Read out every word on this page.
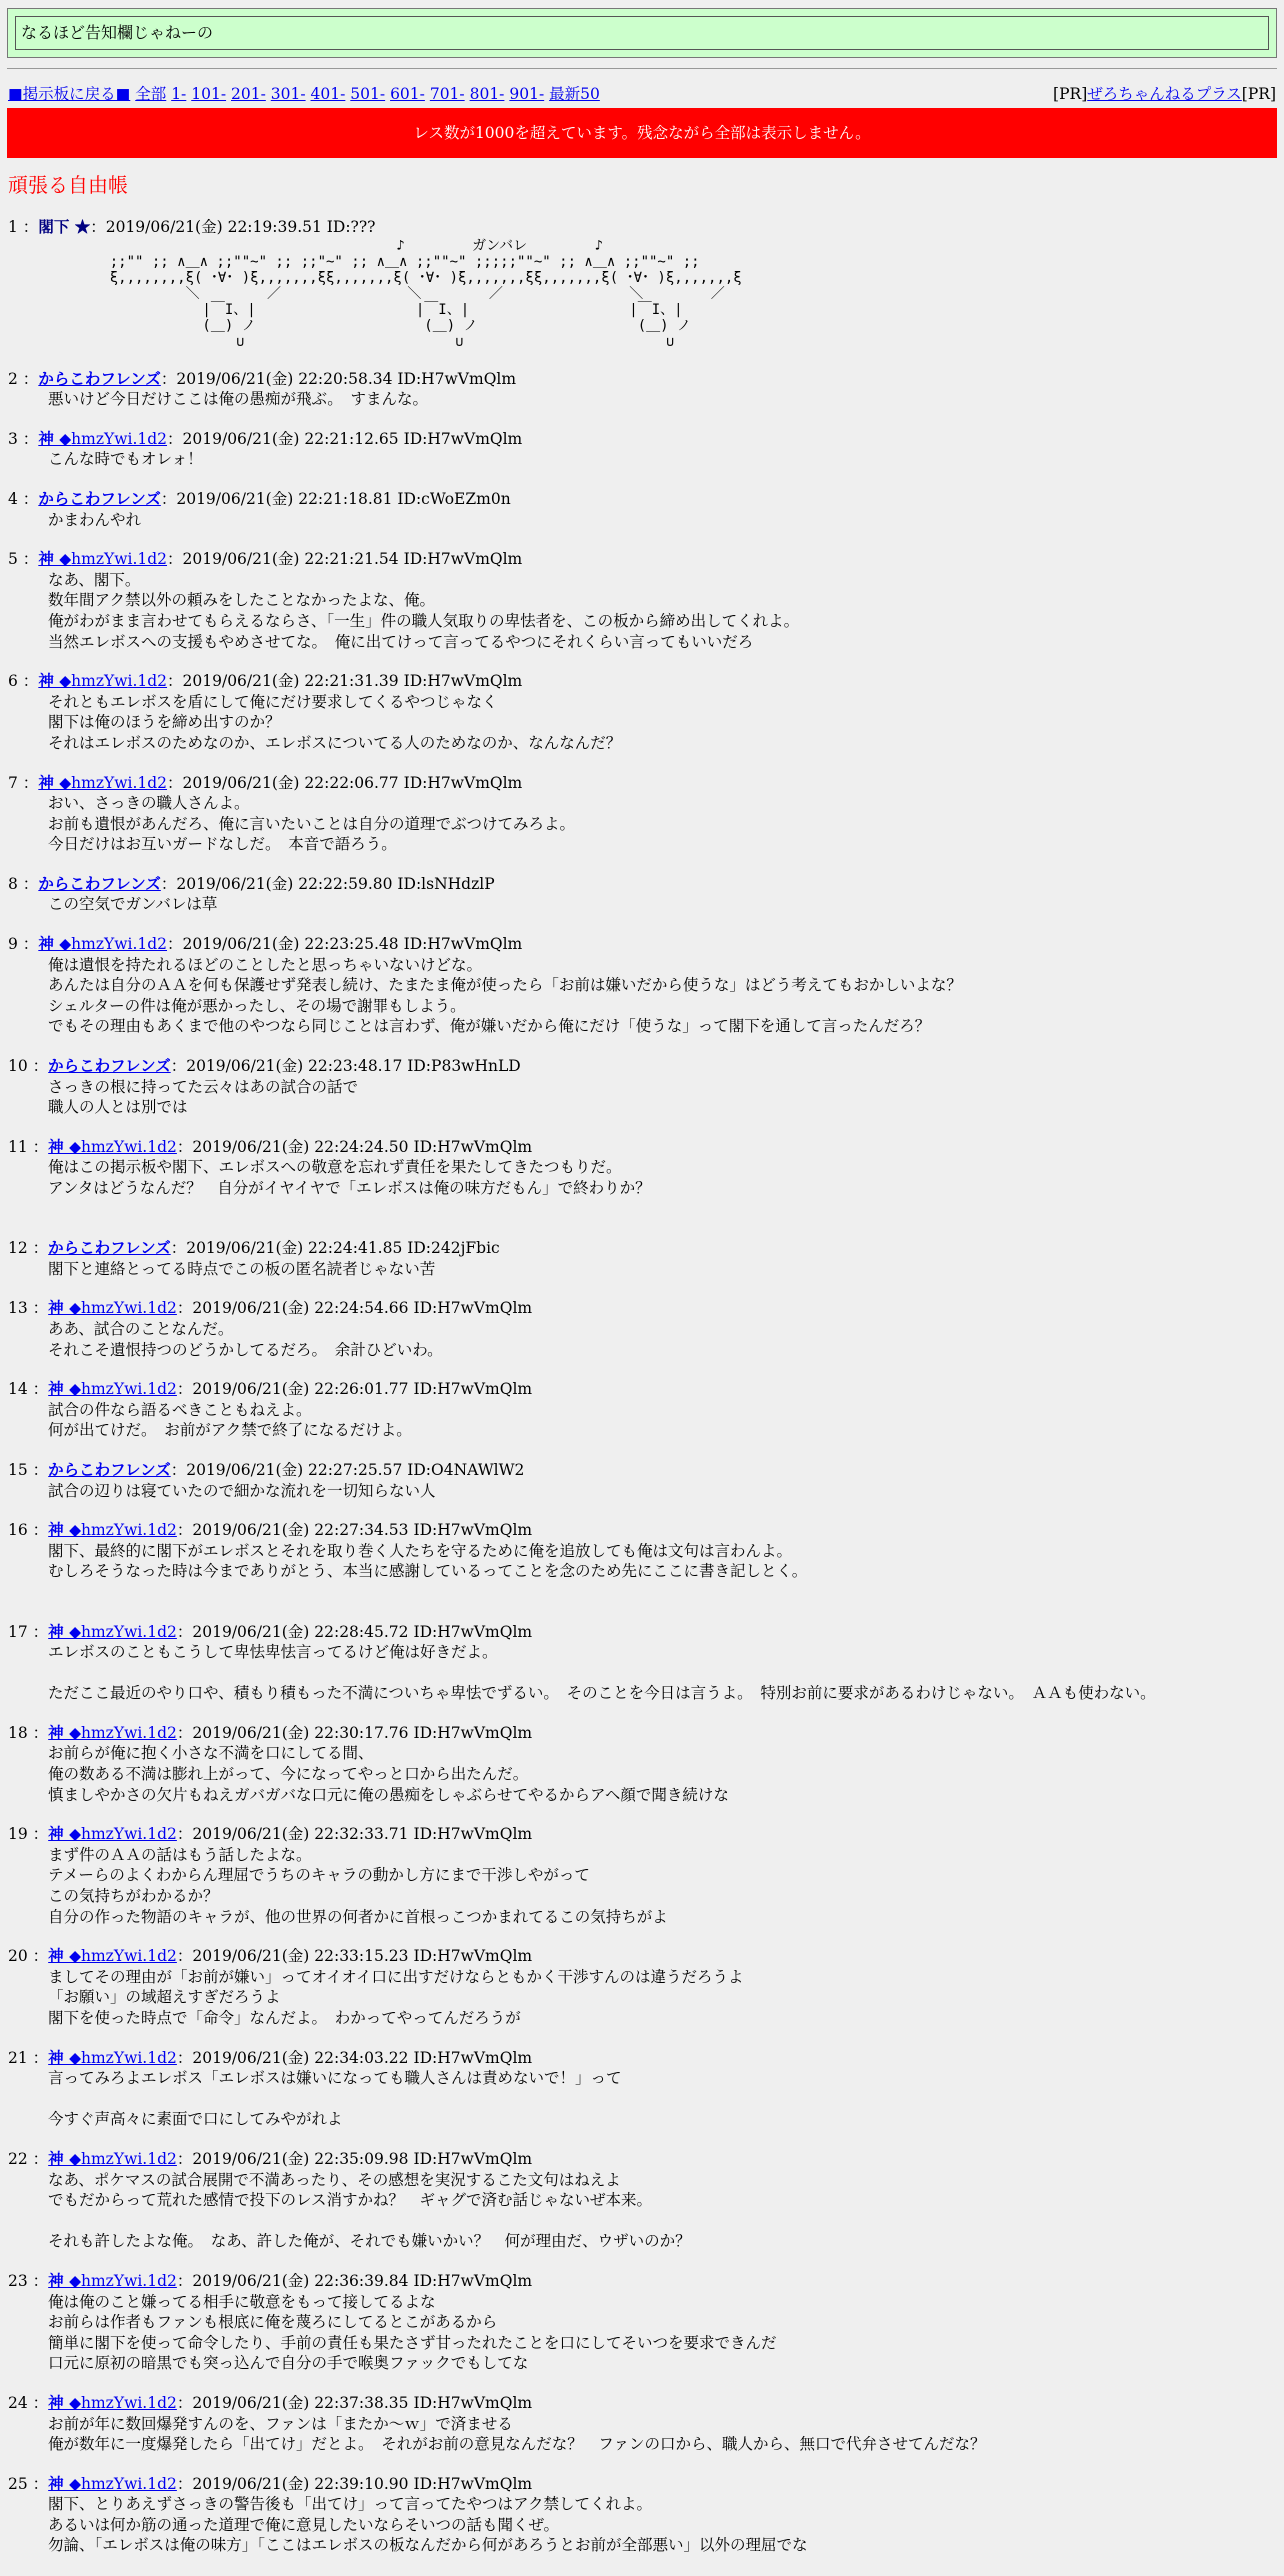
なるほど告知欄じゃねーの
■掲示板に戻る■ 全部 1- 101- 201- 301- 401- 501- 601- 701- 801- 901- 最新50	[PR]ぜろちゃんねるプラス[PR]
レス数が1000を超えています。残念ながら全部は表示しません。
頑張る自由帳
1 ：閣下 ★：2019/06/21(金) 22:19:39.51 ID:???
♪        ガンバレ        ♪
;;"" ;; ∧＿∧ ;;""~" ;; ;;"~" ;; ∧＿∧ ;;""~" ;;;;;""~" ;; ∧＿∧ ;;""~" ;;
ξ,,,,,,,,ξ( ･∀･ )ξ,,,,,,,ξξ,,,,,,,ξ( ･∀･ )ξ,,,,,,,ξξ,,,,,,,ξ( ･∀･ )ξ,,,,,,,ξ
＼        ／               ＼        ／               ＼        ／
|￣I、|                   |￣I、|                   |￣I、|
(＿) ノ                    (＿) ノ                   (＿) ノ
∪                         ∪                        ∪
2 ：からこわフレンズ：2019/06/21(金) 22:20:58.34 ID:H7wVmQlm
悪いけど今日だけここは俺の愚痴が飛ぶ。　すまんな。
3 ：神 ◆hmzYwi.1d2：2019/06/21(金) 22:21:12.65 ID:H7wVmQlm
こんな時でもオレォ！
4 ：からこわフレンズ：2019/06/21(金) 22:21:18.81 ID:cWoEZm0n
かまわんやれ
5 ：神 ◆hmzYwi.1d2：2019/06/21(金) 22:21:21.54 ID:H7wVmQlm
なあ、閣下。
数年間アク禁以外の頼みをしたことなかったよな、俺。
俺がわがまま言わせてもらえるならさ、「一生」件の職人気取りの卑怯者を、この板から締め出してくれよ。
当然エレボスへの支援もやめさせてな。　俺に出てけって言ってるやつにそれくらい言ってもいいだろ
6 ：神 ◆hmzYwi.1d2：2019/06/21(金) 22:21:31.39 ID:H7wVmQlm
それともエレボスを盾にして俺にだけ要求してくるやつじゃなく
閣下は俺のほうを締め出すのか？
それはエレボスのためなのか、エレボスについてる人のためなのか、なんなんだ？
7 ：神 ◆hmzYwi.1d2：2019/06/21(金) 22:22:06.77 ID:H7wVmQlm
おい、さっきの職人さんよ。
お前も遺恨があんだろ、俺に言いたいことは自分の道理でぶつけてみろよ。
今日だけはお互いガードなしだ。　本音で語ろう。
8 ：からこわフレンズ：2019/06/21(金) 22:22:59.80 ID:lsNHdzlP
この空気でガンバレは草
9 ：神 ◆hmzYwi.1d2：2019/06/21(金) 22:23:25.48 ID:H7wVmQlm
俺は遺恨を持たれるほどのことしたと思っちゃいないけどな。
あんたは自分のＡＡを何も保護せず発表し続け、たまたま俺が使ったら「お前は嫌いだから使うな」はどう考えてもおかしいよな？
シェルターの件は俺が悪かったし、その場で謝罪もしよう。
でもその理由もあくまで他のやつなら同じことは言わず、俺が嫌いだから俺にだけ「使うな」って閣下を通して言ったんだろ？
10 ：からこわフレンズ：2019/06/21(金) 22:23:48.17 ID:P83wHnLD
さっきの根に持ってた云々はあの試合の話で
職人の人とは別では
11 ：神 ◆hmzYwi.1d2：2019/06/21(金) 22:24:24.50 ID:H7wVmQlm
俺はこの掲示板や閣下、エレボスへの敬意を忘れず責任を果たしてきたつもりだ。
アンタはどうなんだ？　自分がイヤイヤで「エレボスは俺の味方だもん」で終わりか？

12 ：からこわフレンズ：2019/06/21(金) 22:24:41.85 ID:242jFbic
閣下と連絡とってる時点でこの板の匿名読者じゃない苦
13 ：神 ◆hmzYwi.1d2：2019/06/21(金) 22:24:54.66 ID:H7wVmQlm
ああ、試合のことなんだ。
それこそ遺恨持つのどうかしてるだろ。　余計ひどいわ。
14 ：神 ◆hmzYwi.1d2：2019/06/21(金) 22:26:01.77 ID:H7wVmQlm
試合の件なら語るべきこともねえよ。
何が出てけだ。　お前がアク禁で終了になるだけよ。
15 ：からこわフレンズ：2019/06/21(金) 22:27:25.57 ID:O4NAWlW2
試合の辺りは寝ていたので細かな流れを一切知らない人
16 ：神 ◆hmzYwi.1d2：2019/06/21(金) 22:27:34.53 ID:H7wVmQlm
閣下、最終的に閣下がエレボスとそれを取り巻く人たちを守るために俺を追放しても俺は文句は言わんよ。
むしろそうなった時は今までありがとう、本当に感謝しているってことを念のため先にここに書き記しとく。

17 ：神 ◆hmzYwi.1d2：2019/06/21(金) 22:28:45.72 ID:H7wVmQlm
エレボスのこともこうして卑怯卑怯言ってるけど俺は好きだよ。

ただここ最近のやり口や、積もり積もった不満についちゃ卑怯でずるい。　そのことを今日は言うよ。　特別お前に要求があるわけじゃない。　ＡＡも使わない。
18 ：神 ◆hmzYwi.1d2：2019/06/21(金) 22:30:17.76 ID:H7wVmQlm
お前らが俺に抱く小さな不満を口にしてる間、
俺の数ある不満は膨れ上がって、今になってやっと口から出たんだ。
慎ましやかさの欠片もねえガバガバな口元に俺の愚痴をしゃぶらせてやるからアヘ顔で聞き続けな
19 ：神 ◆hmzYwi.1d2：2019/06/21(金) 22:32:33.71 ID:H7wVmQlm
まず件のＡＡの話はもう話したよな。
テメーらのよくわからん理屈でうちのキャラの動かし方にまで干渉しやがって
この気持ちがわかるか？
自分の作った物語のキャラが、他の世界の何者かに首根っこつかまれてるこの気持ちがよ
20 ：神 ◆hmzYwi.1d2：2019/06/21(金) 22:33:15.23 ID:H7wVmQlm
ましてその理由が「お前が嫌い」ってオイオイ口に出すだけならともかく干渉すんのは違うだろうよ
「お願い」の域超えすぎだろうよ
閣下を使った時点で「命令」なんだよ。　わかってやってんだろうが
21 ：神 ◆hmzYwi.1d2：2019/06/21(金) 22:34:03.22 ID:H7wVmQlm
言ってみろよエレボス「エレボスは嫌いになっても職人さんは責めないで！」って

今すぐ声高々に素面で口にしてみやがれよ
22 ：神 ◆hmzYwi.1d2：2019/06/21(金) 22:35:09.98 ID:H7wVmQlm
なあ、ポケマスの試合展開で不満あったり、その感想を実況するこた文句はねえよ
でもだからって荒れた感情で投下のレス消すかね？　ギャグで済む話じゃないぜ本来。

それも許したよな俺。　なあ、許した俺が、それでも嫌いかい？　何が理由だ、ウザいのか？
23 ：神 ◆hmzYwi.1d2：2019/06/21(金) 22:36:39.84 ID:H7wVmQlm
俺は俺のこと嫌ってる相手に敬意をもって接してるよな
お前らは作者もファンも根底に俺を蔑ろにしてるとこがあるから
簡単に閣下を使って命令したり、手前の責任も果たさず甘ったれたことを口にしてそいつを要求できんだ
口元に原初の暗黒でも突っ込んで自分の手で喉奥ファックでもしてな
24 ：神 ◆hmzYwi.1d2：2019/06/21(金) 22:37:38.35 ID:H7wVmQlm
お前が年に数回爆発すんのを、ファンは「またか～ｗ」で済ませる
俺が数年に一度爆発したら「出てけ」だとよ。　それがお前の意見なんだな？　ファンの口から、職人から、無口で代弁させてんだな？
25 ：神 ◆hmzYwi.1d2：2019/06/21(金) 22:39:10.90 ID:H7wVmQlm
閣下、とりあえずさっきの警告後も「出てけ」って言ってたやつはアク禁してくれよ。
あるいは何か筋の通った道理で俺に意見したいならそいつの話も聞くぜ。
勿論、「エレボスは俺の味方」「ここはエレボスの板なんだから何があろうとお前が全部悪い」以外の理屈でな
